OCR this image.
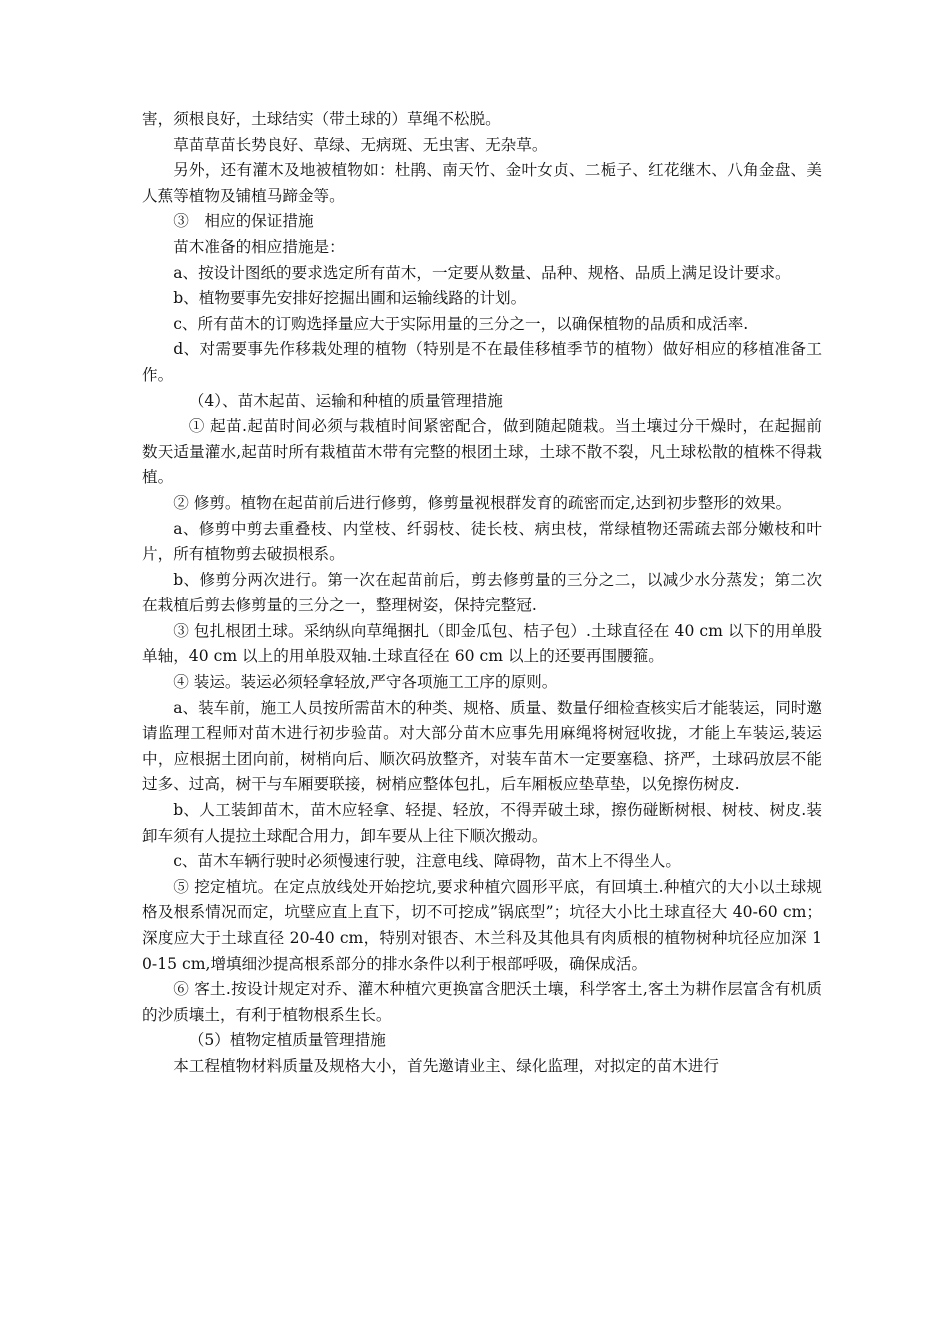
害，须根良好，土球结实（带土球的）草绳不松脱。

草苗草苗长势良好、草绿、无病斑、无虫害、无杂草。

另外，还有灌木及地被植物如：杜鹃、南天竹、金叶女贞、二栀子、红花继木、八角金盘、美人蕉等植物及铺植马蹄金等。

③　相应的保证措施

苗木准备的相应措施是：

a、按设计图纸的要求选定所有苗木，一定要从数量、品种、规格、品质上满足设计要求。

b、植物要事先安排好挖掘出圃和运输线路的计划。

c、所有苗木的订购选择量应大于实际用量的三分之一，以确保植物的品质和成活率.

d、对需要事先作移栽处理的植物（特别是不在最佳移植季节的植物）做好相应的移植准备工作。

（4）、苗木起苗、运输和种植的质量管理措施

① 起苗.起苗时间必须与栽植时间紧密配合，做到随起随栽。当土壤过分干燥时，在起掘前数天适量灌水,起苗时所有栽植苗木带有完整的根团土球，土球不散不裂，凡土球松散的植株不得栽植。

② 修剪。植物在起苗前后进行修剪，修剪量视根群发育的疏密而定,达到初步整形的效果。

a、修剪中剪去重叠枝、内堂枝、纤弱枝、徒长枝、病虫枝，常绿植物还需疏去部分嫩枝和叶片，所有植物剪去破损根系。

b、修剪分两次进行。第一次在起苗前后，剪去修剪量的三分之二，以减少水分蒸发；第二次在栽植后剪去修剪量的三分之一，整理树姿，保持完整冠.

③ 包扎根团土球。采纳纵向草绳捆扎（即金瓜包、桔子包）.土球直径在 40 cm 以下的用单股单轴，40 cm 以上的用单股双轴.土球直径在 60 cm 以上的还要再围腰箍。

④ 装运。装运必须轻拿轻放,严守各项施工工序的原则。

a、装车前，施工人员按所需苗木的种类、规格、质量、数量仔细检查核实后才能装运，同时邀请监理工程师对苗木进行初步验苗。对大部分苗木应事先用麻绳将树冠收拢，才能上车装运,装运中，应根据土团向前，树梢向后、顺次码放整齐，对装车苗木一定要塞稳、挤严，土球码放层不能过多、过高，树干与车厢要联接，树梢应整体包扎，后车厢板应垫草垫，以免擦伤树皮.

b、人工装卸苗木，苗木应轻拿、轻提、轻放，不得弄破土球，擦伤碰断树根、树枝、树皮.装卸车须有人提拉土球配合用力，卸车要从上往下顺次搬动。

c、苗木车辆行驶时必须慢速行驶，注意电线、障碍物，苗木上不得坐人。

⑤ 挖定植坑。在定点放线处开始挖坑,要求种植穴圆形平底，有回填土.种植穴的大小以土球规格及根系情况而定，坑壁应直上直下，切不可挖成”锅底型”；坑径大小比土球直径大 40-60 cm；深度应大于土球直径 20-40 cm，特别对银杏、木兰科及其他具有肉质根的植物树种坑径应加深 10-15 cm,增填细沙提高根系部分的排水条件以利于根部呼吸，确保成活。

⑥ 客土.按设计规定对乔、灌木种植穴更换富含肥沃土壤，科学客土,客土为耕作层富含有机质的沙质壤土，有利于植物根系生长。

（5）植物定植质量管理措施

本工程植物材料质量及规格大小，首先邀请业主、绿化监理，对拟定的苗木进行
